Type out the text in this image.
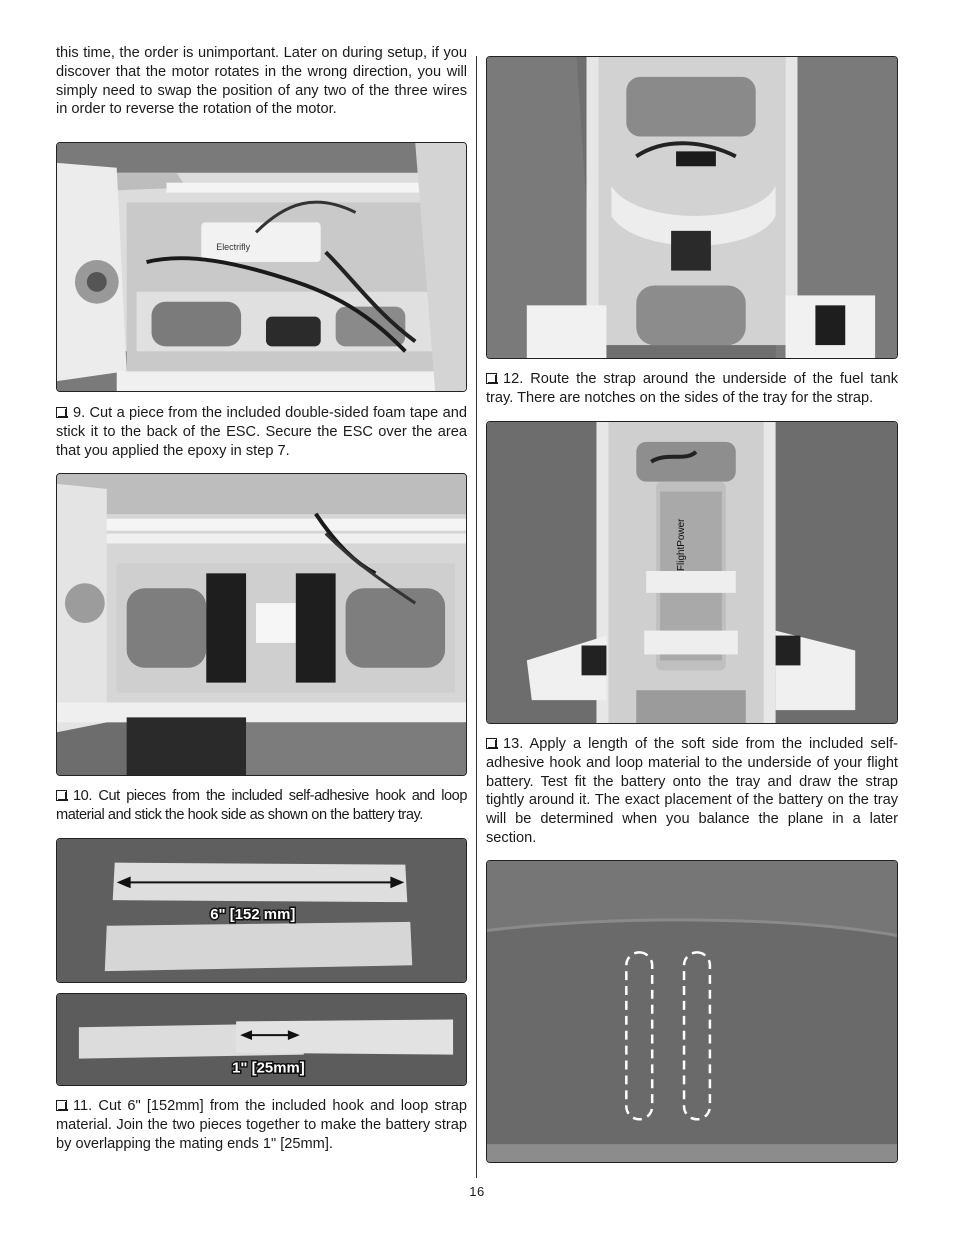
this time, the order is unimportant. Later on during setup, if you discover that the motor rotates in the wrong direction, you will simply need to swap the position of any two of the three wires in order to reverse the rotation of the motor.

Electrifly

9. Cut a piece from the included double-sided foam tape and stick it to the back of the ESC. Secure the ESC over the area that you applied the epoxy in step 7.

10. Cut pieces from the included self-adhesive hook and loop material and stick the hook side as shown on the battery tray.

6" [152 mm]
1" [25mm]

11. Cut 6" [152mm] from the included hook and loop strap material. Join the two pieces together to make the battery strap by overlapping the mating ends 1" [25mm].

12. Route the strap around the underside of the fuel tank tray. There are notches on the sides of the tray for the strap.

FlightPower

13. Apply a length of the soft side from the included self-adhesive hook and loop material to the underside of your flight battery. Test fit the battery onto the tray and draw the strap tightly around it. The exact placement of the battery on the tray will be determined when you balance the plane in a later section.

16
